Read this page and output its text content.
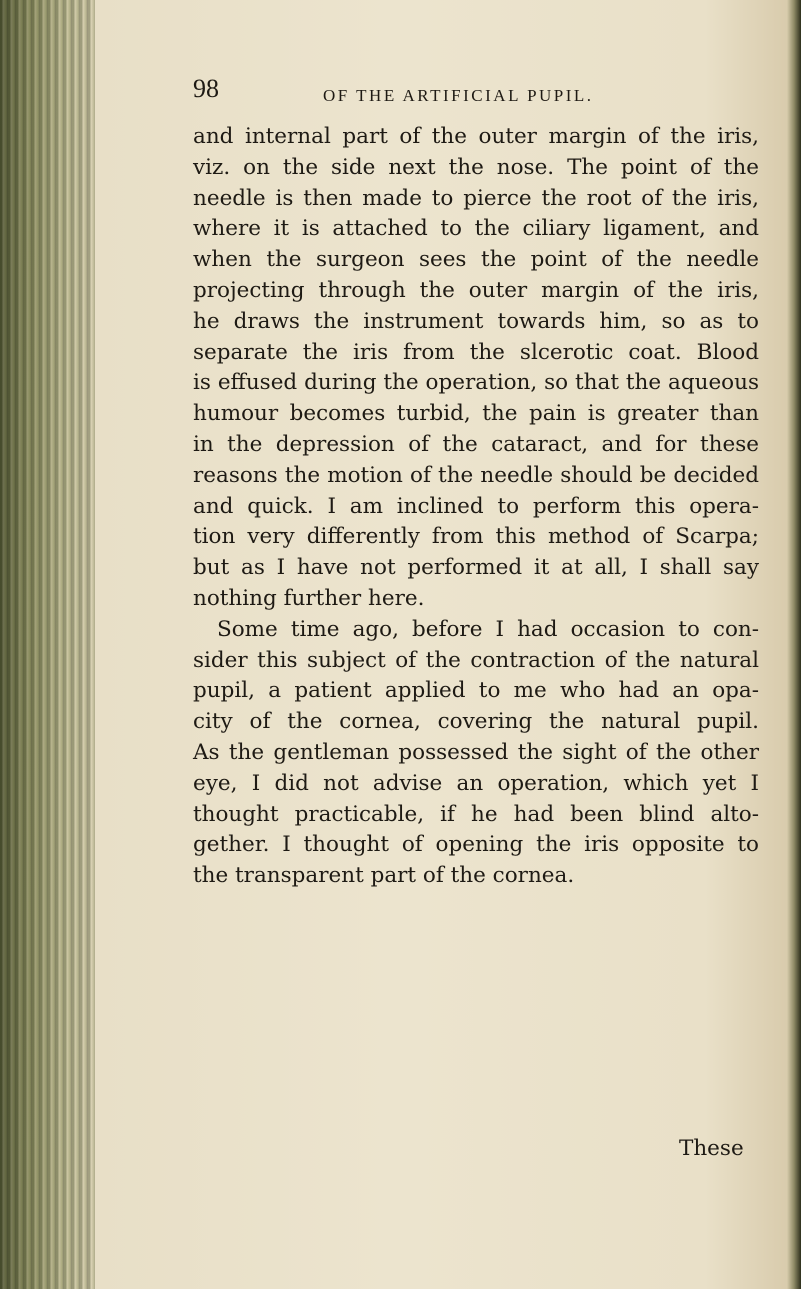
98	OF THE ARTIFICIAL PUPIL.
and internal part of the outer margin of the iris,
viz. on the side next the nose. The point of the
needle is then made to pierce the root of the iris,
where it is attached to the ciliary ligament, and
when the surgeon sees the point of the needle
projecting through the outer margin of the iris,
he draws the instrument towards him, so as to
separate the iris from the slcerotic coat. Blood
is effused during the operation, so that the aqueous
humour becomes turbid, the pain is greater than
in the depression of the cataract, and for these
reasons the motion of the needle should be decided
and quick. I am inclined to perform this opera-
tion very differently from this method of Scarpa;
but as I have not performed it at all, I shall say
nothing further here.
Some time ago, before I had occasion to con-
sider this subject of the contraction of the natural
pupil, a patient applied to me who had an opa-
city of the cornea, covering the natural pupil.
As the gentleman possessed the sight of the other
eye, I did not advise an operation, which yet I
thought practicable, if he had been blind alto-
gether. I thought of opening the iris opposite to
the transparent part of the cornea.
These
